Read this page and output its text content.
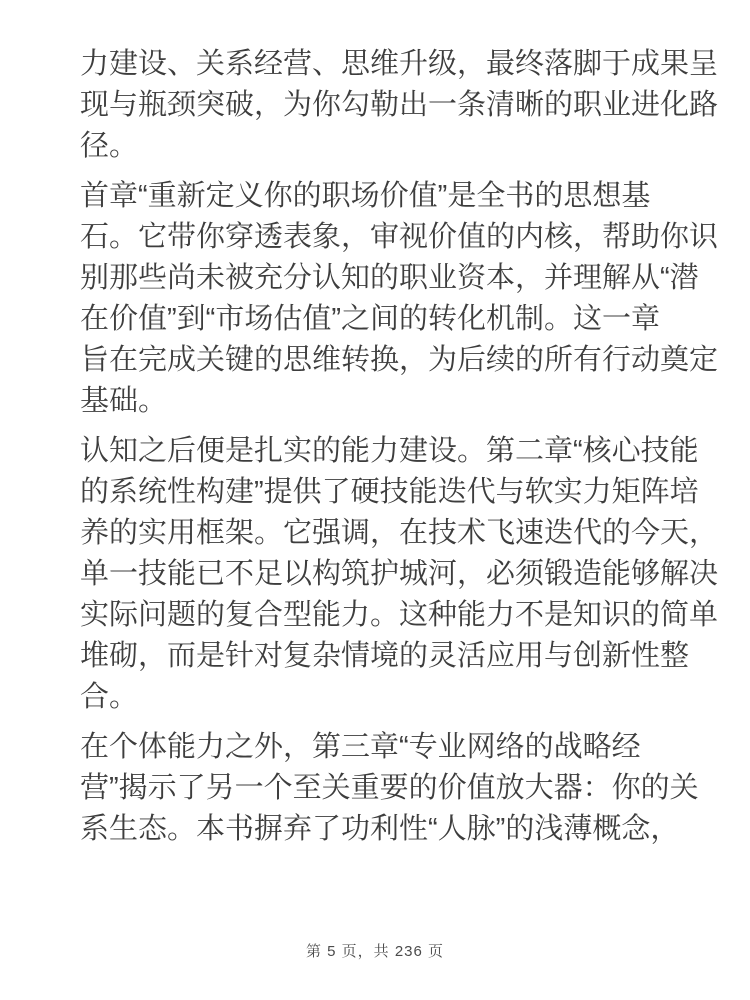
力建设、关系经营、思维升级，最终落脚于成果呈
现与瓶颈突破，为你勾勒出一条清晰的职业进化路
径。
首章“重新定义你的职场价值”是全书的思想基
石。它带你穿透表象，审视价值的内核，帮助你识
别那些尚未被充分认知的职业资本，并理解从“潜
在价值”到“市场估值”之间的转化机制。这一章
旨在完成关键的思维转换，为后续的所有行动奠定
基础。
认知之后便是扎实的能力建设。第二章“核心技能
的系统性构建”提供了硬技能迭代与软实力矩阵培
养的实用框架。它强调，在技术飞速迭代的今天，
单一技能已不足以构筑护城河，必须锻造能够解决
实际问题的复合型能力。这种能力不是知识的简单
堆砌，而是针对复杂情境的灵活应用与创新性整
合。
在个体能力之外，第三章“专业网络的战略经
营”揭示了另一个至关重要的价值放大器：你的关
系生态。本书摒弃了功利性“人脉”的浅薄概念，
第 5 页，共 236 页
